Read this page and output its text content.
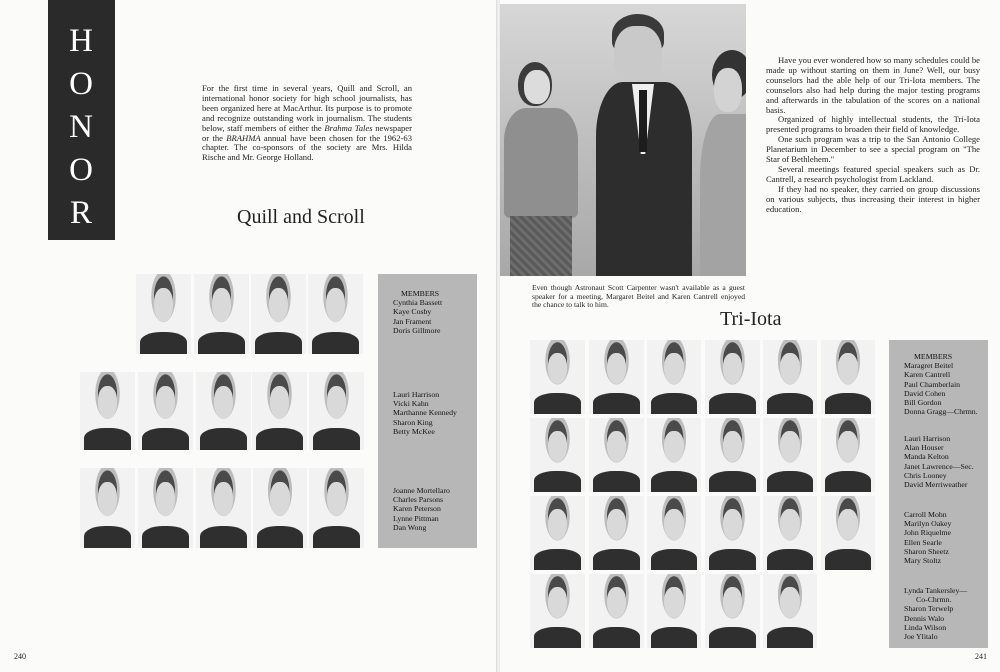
H
O
N
O
R
For the first time in several years, Quill and Scroll, an international honor society for high school journalists, has been organized here at MacArthur. Its purpose is to promote and recognize outstanding work in journalism. The students below, staff members of either the Brahma Tales newspaper or the BRAHMA annual have been chosen for the 1962-63 chapter. The co-sponsors of the society are Mrs. Hilda Rische and Mr. George Holland.
Quill and Scroll
MEMBERS
Cynthia Bassett
Kaye Cosby
Jan Frament
Doris Gillmore
Lauri Harrison
Vicki Kahn
Marthanne Kennedy
Sharon King
Betty McKee
Joanne Mortellaro
Charles Parsons
Karen Peterson
Lynne Pittman
Dan Wong
240
Even though Astronaut Scott Carpenter wasn't available as a guest speaker for a meeting, Margaret Beitel and Karen Cantrell enjoyed the chance to talk to him.

Have you ever wondered how so many schedules could be made up without starting on them in June? Well, our busy counselors had the able help of our Tri-Iota members. The counselors also had help during the major testing programs and afterwards in the tabulation of the scores on a national basis.

Organized of highly intellectual students, the Tri-Iota presented programs to broaden their field of knowledge.

One such program was a trip to the San Antonio College Planetarium in December to see a special program on "The Star of Bethlehem."

Several meetings featured special speakers such as Dr. Cantrell, a research psychologist from Lackland.

If they had no speaker, they carried on group discussions on various subjects, thus increasing their interest in higher education.

Tri-Iota
MEMBERS
Maragret Beitel
Karen Cantrell
Paul Chamberlain
David Cohen
Bill Gordon
Donna Gragg—Chrmn.
Lauri Harrison
Alan Houser
Manda Kelton
Janet Lawrence—Sec.
Chris Looney
David Merriweather
Carroll Mohn
Marilyn Oakey
John Riquelme
Ellen Searle
Sharon Sheetz
Mary Stoltz
Lynda Tankersley—
Co-Chrmn.
Sharon Terwelp
Dennis Walo
Linda Wilson
Joe Ylitalo
241
